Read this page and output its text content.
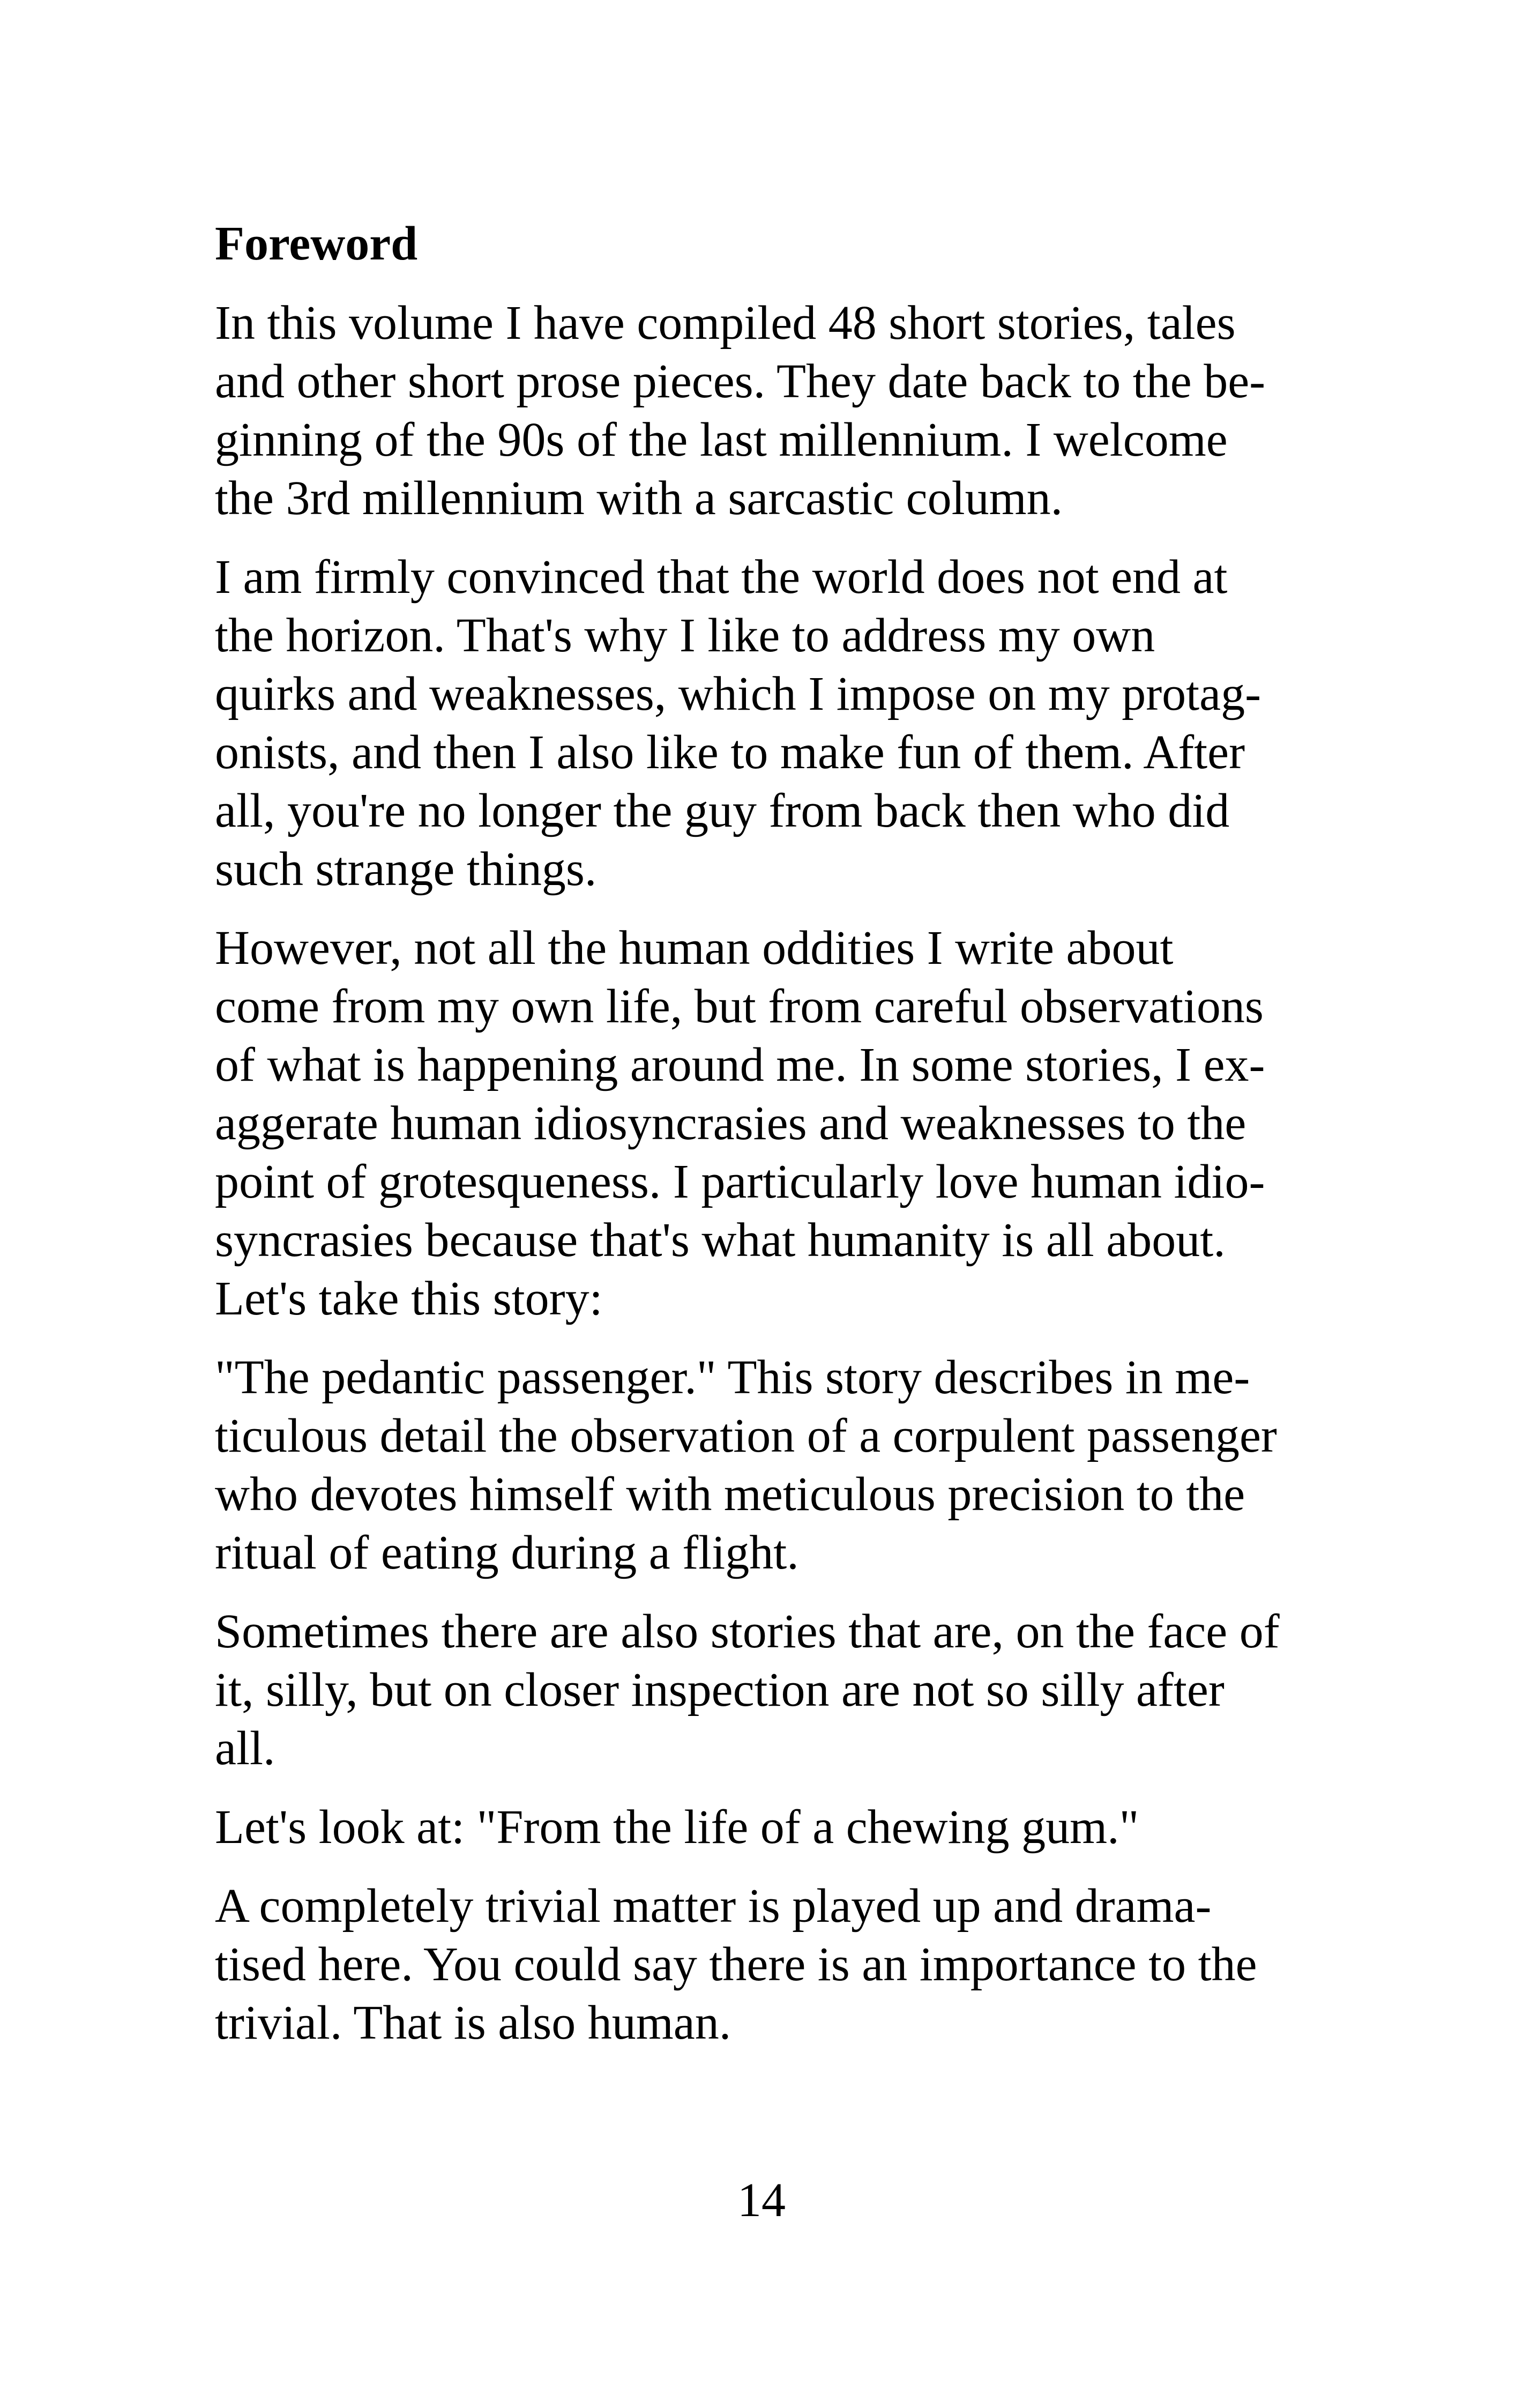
Foreword

In this volume I have compiled 48 short stories, tales
and other short prose pieces. They date back to the be-
ginning of the 90s of the last millennium. I welcome
the 3rd millennium with a sarcastic column.

I am firmly convinced that the world does not end at
the horizon. That's why I like to address my own
quirks and weaknesses, which I impose on my protag-
onists, and then I also like to make fun of them. After
all, you're no longer the guy from back then who did
such strange things.

However, not all the human oddities I write about
come from my own life, but from careful observations
of what is happening around me. In some stories, I ex-
aggerate human idiosyncrasies and weaknesses to the
point of grotesqueness. I particularly love human idio-
syncrasies because that's what humanity is all about.
Let's take this story:

"The pedantic passenger." This story describes in me-
ticulous detail the observation of a corpulent passenger
who devotes himself with meticulous precision to the
ritual of eating during a flight.

Sometimes there are also stories that are, on the face of
it, silly, but on closer inspection are not so silly after
all.

Let's look at: "From the life of a chewing gum."

A completely trivial matter is played up and drama-
tised here. You could say there is an importance to the
trivial. That is also human.

14
